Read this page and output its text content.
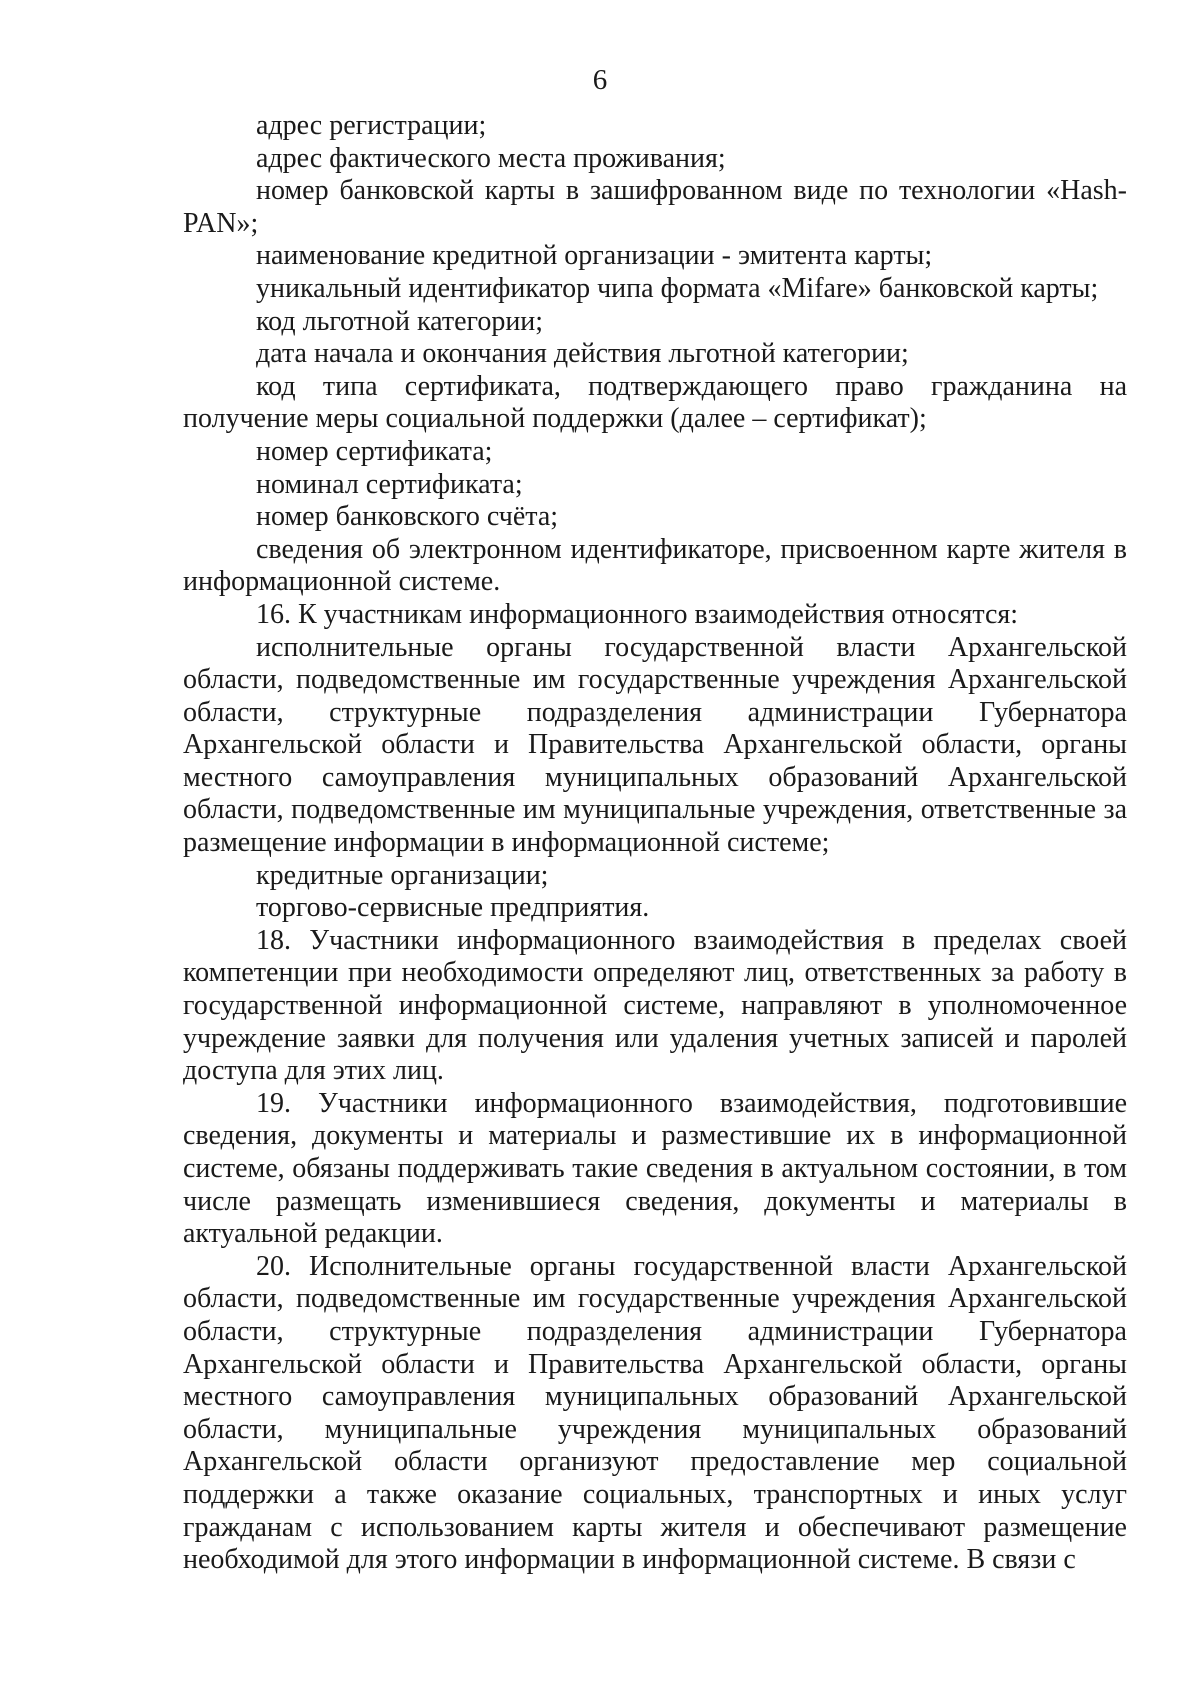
6

адрес регистрации;

адрес фактического места проживания;

номер банковской карты в зашифрованном виде по технологии «Hash-PAN»;

наименование кредитной организации - эмитента карты;

уникальный идентификатор чипа формата «Mifare» банковской карты;

код льготной категории;

дата начала и окончания действия льготной категории;

код типа сертификата, подтверждающего право гражданина на получение меры социальной поддержки (далее – сертификат);

номер сертификата;

номинал сертификата;

номер банковского счёта;

сведения об электронном идентификаторе, присвоенном карте жителя в информационной системе.

16. К участникам информационного взаимодействия относятся:

исполнительные органы государственной власти Архангельской области, подведомственные им государственные учреждения Архангельской области, структурные подразделения администрации Губернатора Архангельской области и Правительства Архангельской области, органы местного самоуправления муниципальных образований Архангельской области, подведомственные им муниципальные учреждения, ответственные за размещение информации в информационной системе;

кредитные организации;

торгово-сервисные предприятия.

18. Участники информационного взаимодействия в пределах своей компетенции при необходимости определяют лиц, ответственных за работу в государственной информационной системе, направляют в уполномоченное учреждение заявки для получения или удаления учетных записей и паролей доступа для этих лиц.

19. Участники информационного взаимодействия, подготовившие сведения, документы и материалы и разместившие их в информационной системе, обязаны поддерживать такие сведения в актуальном состоянии, в том числе размещать изменившиеся сведения, документы и материалы в актуальной редакции.

20. Исполнительные органы государственной власти Архангельской области, подведомственные им государственные учреждения Архангельской области, структурные подразделения администрации Губернатора Архангельской области и Правительства Архангельской области, органы местного самоуправления муниципальных образований Архангельской области, муниципальные учреждения муниципальных образований Архангельской области организуют предоставление мер социальной поддержки а также оказание социальных, транспортных и иных услуг гражданам с использованием карты жителя и обеспечивают размещение необходимой для этого информации в информационной системе. В связи с
